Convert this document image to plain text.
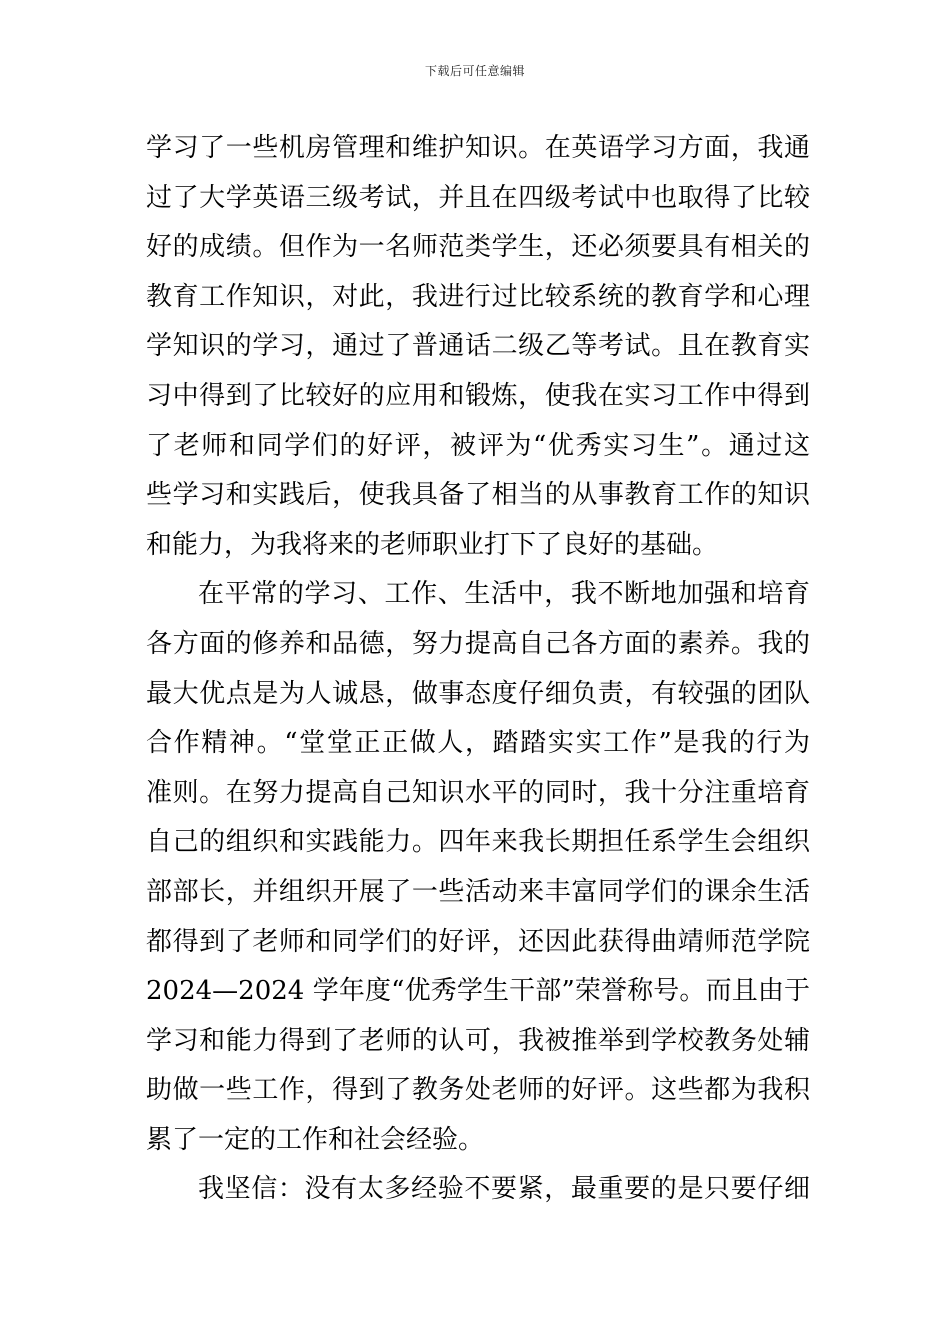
下载后可任意编辑
学习了一些机房管理和维护知识。在英语学习方面，我通
过了大学英语三级考试，并且在四级考试中也取得了比较
好的成绩。但作为一名师范类学生，还必须要具有相关的
教育工作知识，对此，我进行过比较系统的教育学和心理
学知识的学习，通过了普通话二级乙等考试。且在教育实
习中得到了比较好的应用和锻炼，使我在实习工作中得到
了老师和同学们的好评，被评为“优秀实习生”。通过这
些学习和实践后，使我具备了相当的从事教育工作的知识
和能力，为我将来的老师职业打下了良好的基础。
在平常的学习、工作、生活中，我不断地加强和培育
各方面的修养和品德，努力提高自己各方面的素养。我的
最大优点是为人诚恳，做事态度仔细负责，有较强的团队
合作精神。“堂堂正正做人，踏踏实实工作”是我的行为
准则。在努力提高自己知识水平的同时，我十分注重培育
自己的组织和实践能力。四年来我长期担任系学生会组织
部部长，并组织开展了一些活动来丰富同学们的课余生活
都得到了老师和同学们的好评，还因此获得曲靖师范学院
2024—2024 学年度“优秀学生干部”荣誉称号。而且由于
学习和能力得到了老师的认可，我被推举到学校教务处辅
助做一些工作，得到了教务处老师的好评。这些都为我积
累了一定的工作和社会经验。
我坚信：没有太多经验不要紧，最重要的是只要仔细
